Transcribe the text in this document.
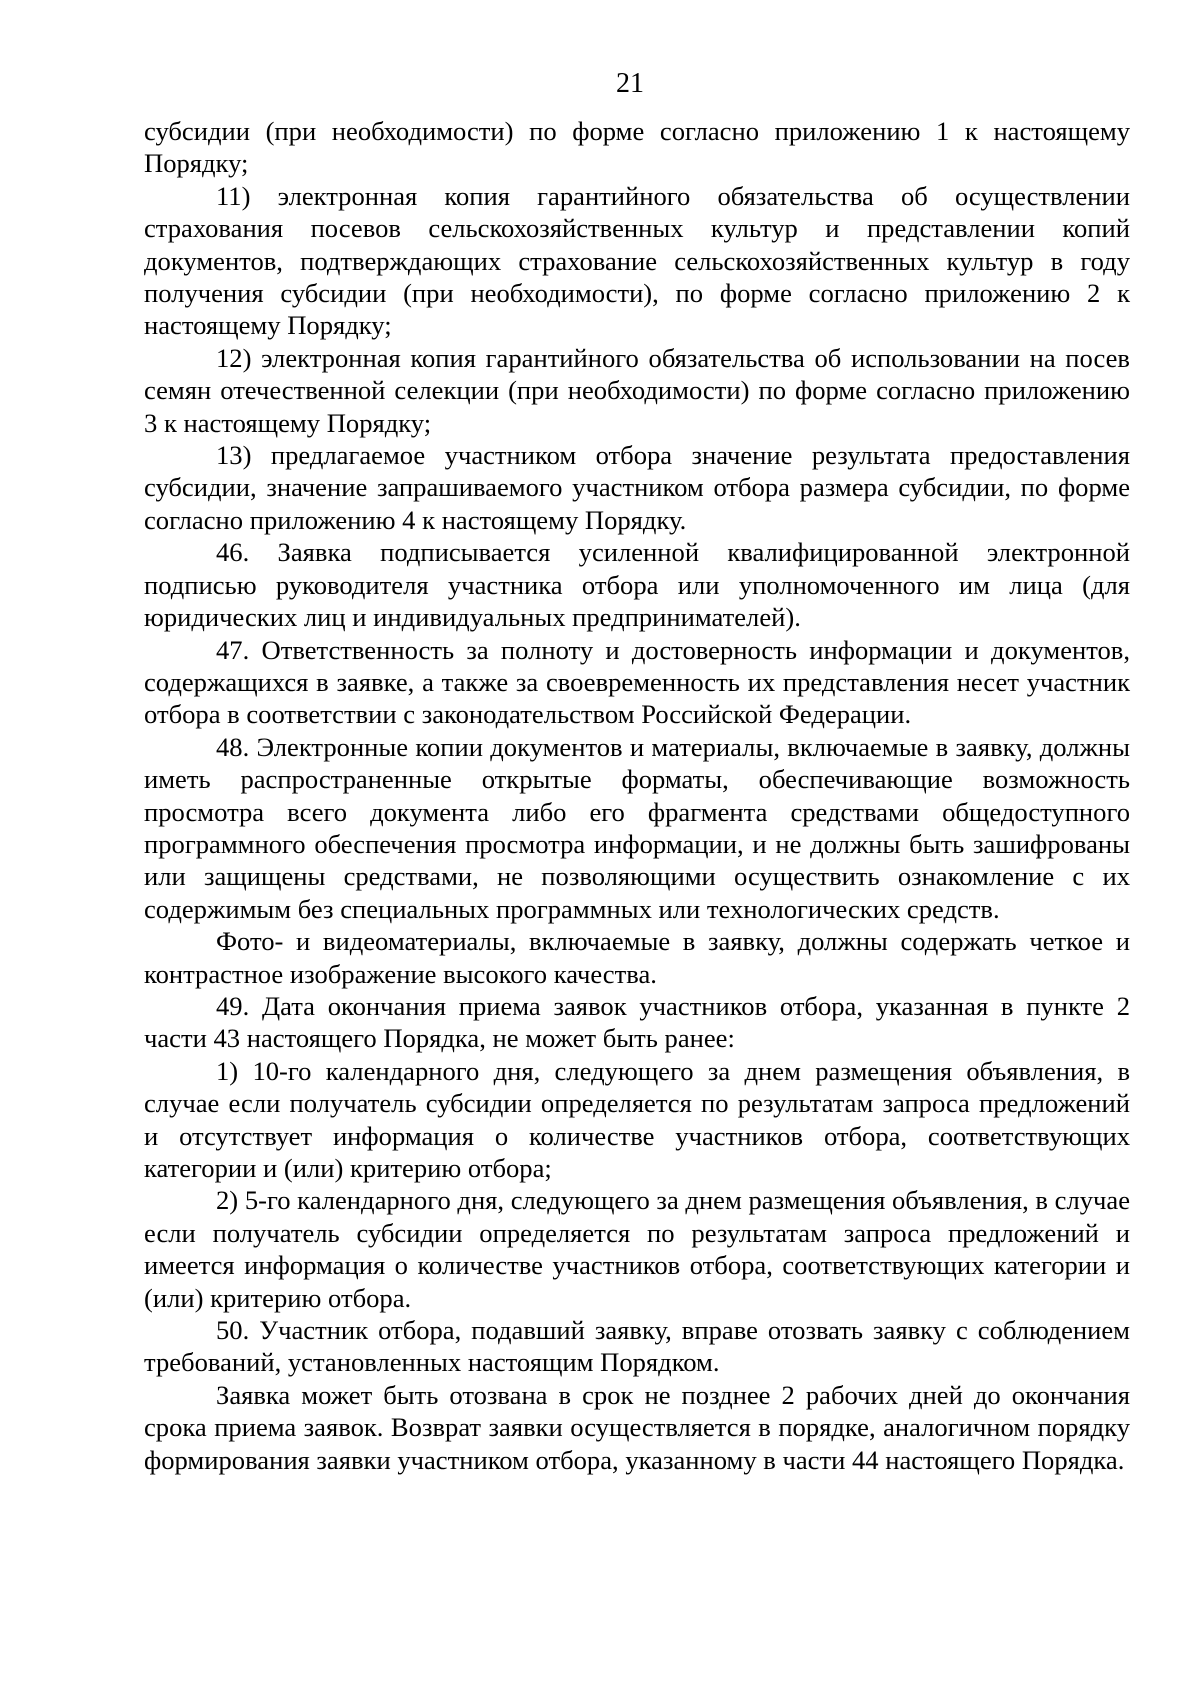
21

субсидии (при необходимости) по форме согласно приложению 1 к настоящему Порядку;

11) электронная копия гарантийного обязательства об осуществлении страхования посевов сельскохозяйственных культур и представлении копий документов, подтверждающих страхование сельскохозяйственных культур в году получения субсидии (при необходимости), по форме согласно приложению 2 к настоящему Порядку;

12) электронная копия гарантийного обязательства об использовании на посев семян отечественной селекции (при необходимости) по форме согласно приложению 3 к настоящему Порядку;

13) предлагаемое участником отбора значение результата предоставления субсидии, значение запрашиваемого участником отбора размера субсидии, по форме согласно приложению 4 к настоящему Порядку.

46. Заявка подписывается усиленной квалифицированной электронной подписью руководителя участника отбора или уполномоченного им лица (для юридических лиц и индивидуальных предпринимателей).

47. Ответственность за полноту и достоверность информации и документов, содержащихся в заявке, а также за своевременность их представления несет участник отбора в соответствии с законодательством Российской Федерации.

48. Электронные копии документов и материалы, включаемые в заявку, должны иметь распространенные открытые форматы, обеспечивающие возможность просмотра всего документа либо его фрагмента средствами общедоступного программного обеспечения просмотра информации, и не должны быть зашифрованы или защищены средствами, не позволяющими осуществить ознакомление с их содержимым без специальных программных или технологических средств.

Фото- и видеоматериалы, включаемые в заявку, должны содержать четкое и контрастное изображение высокого качества.

49. Дата окончания приема заявок участников отбора, указанная в пункте 2 части 43 настоящего Порядка, не может быть ранее:

1) 10-го календарного дня, следующего за днем размещения объявления, в случае если получатель субсидии определяется по результатам запроса предложений и отсутствует информация о количестве участников отбора, соответствующих категории и (или) критерию отбора;

2) 5-го календарного дня, следующего за днем размещения объявления, в случае если получатель субсидии определяется по результатам запроса предложений и имеется информация о количестве участников отбора, соответствующих категории и (или) критерию отбора.

50. Участник отбора, подавший заявку, вправе отозвать заявку с соблюдением требований, установленных настоящим Порядком.

Заявка может быть отозвана в срок не позднее 2 рабочих дней до окончания срока приема заявок. Возврат заявки осуществляется в порядке, аналогичном порядку формирования заявки участником отбора, указанному в части 44 настоящего Порядка.
